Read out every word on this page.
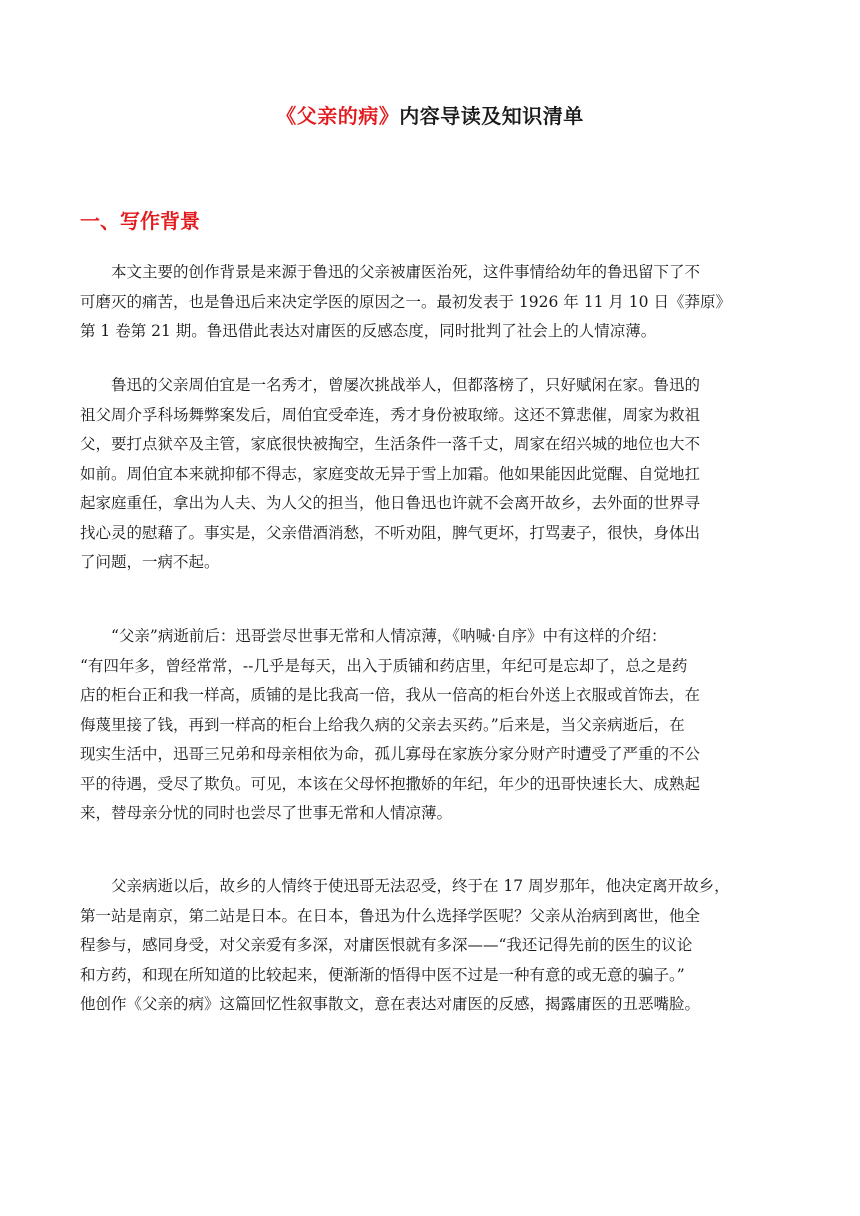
《父亲的病》内容导读及知识清单
一、写作背景
　　本文主要的创作背景是来源于鲁迅的父亲被庸医治死，这件事情给幼年的鲁迅留下了不
可磨灭的痛苦，也是鲁迅后来决定学医的原因之一。最初发表于 1926 年 11 月 10 日《莽原》
第 1 卷第 21 期。鲁迅借此表达对庸医的反感态度，同时批判了社会上的人情凉薄。
　　鲁迅的父亲周伯宜是一名秀才，曾屡次挑战举人，但都落榜了，只好赋闲在家。鲁迅的
祖父周介孚科场舞弊案发后，周伯宜受牵连，秀才身份被取缔。这还不算悲催，周家为救祖
父，要打点狱卒及主管，家底很快被掏空，生活条件一落千丈，周家在绍兴城的地位也大不
如前。周伯宜本来就抑郁不得志，家庭变故无异于雪上加霜。他如果能因此觉醒、自觉地扛
起家庭重任，拿出为人夫、为人父的担当，他日鲁迅也许就不会离开故乡，去外面的世界寻
找心灵的慰藉了。事实是，父亲借酒消愁，不听劝阻，脾气更坏，打骂妻子，很快，身体出
了问题，一病不起。
　　“父亲”病逝前后：迅哥尝尽世事无常和人情凉薄，《呐喊·自序》中有这样的介绍：
“有四年多，曾经常常，--几乎是每天，出入于质铺和药店里，年纪可是忘却了，总之是药
店的柜台正和我一样高，质铺的是比我高一倍，我从一倍高的柜台外送上衣服或首饰去，在
侮蔑里接了钱，再到一样高的柜台上给我久病的父亲去买药。”后来是，当父亲病逝后，在
现实生活中，迅哥三兄弟和母亲相依为命，孤儿寡母在家族分家分财产时遭受了严重的不公
平的待遇，受尽了欺负。可见，本该在父母怀抱撒娇的年纪，年少的迅哥快速长大、成熟起
来，替母亲分忧的同时也尝尽了世事无常和人情凉薄。
　　父亲病逝以后，故乡的人情终于使迅哥无法忍受，终于在 17 周岁那年，他决定离开故乡，
第一站是南京，第二站是日本。在日本，鲁迅为什么选择学医呢？父亲从治病到离世，他全
程参与，感同身受，对父亲爱有多深，对庸医恨就有多深——“我还记得先前的医生的议论
和方药，和现在所知道的比较起来，便渐渐的悟得中医不过是一种有意的或无意的骗子。”
他创作《父亲的病》这篇回忆性叙事散文，意在表达对庸医的反感，揭露庸医的丑恶嘴脸。
